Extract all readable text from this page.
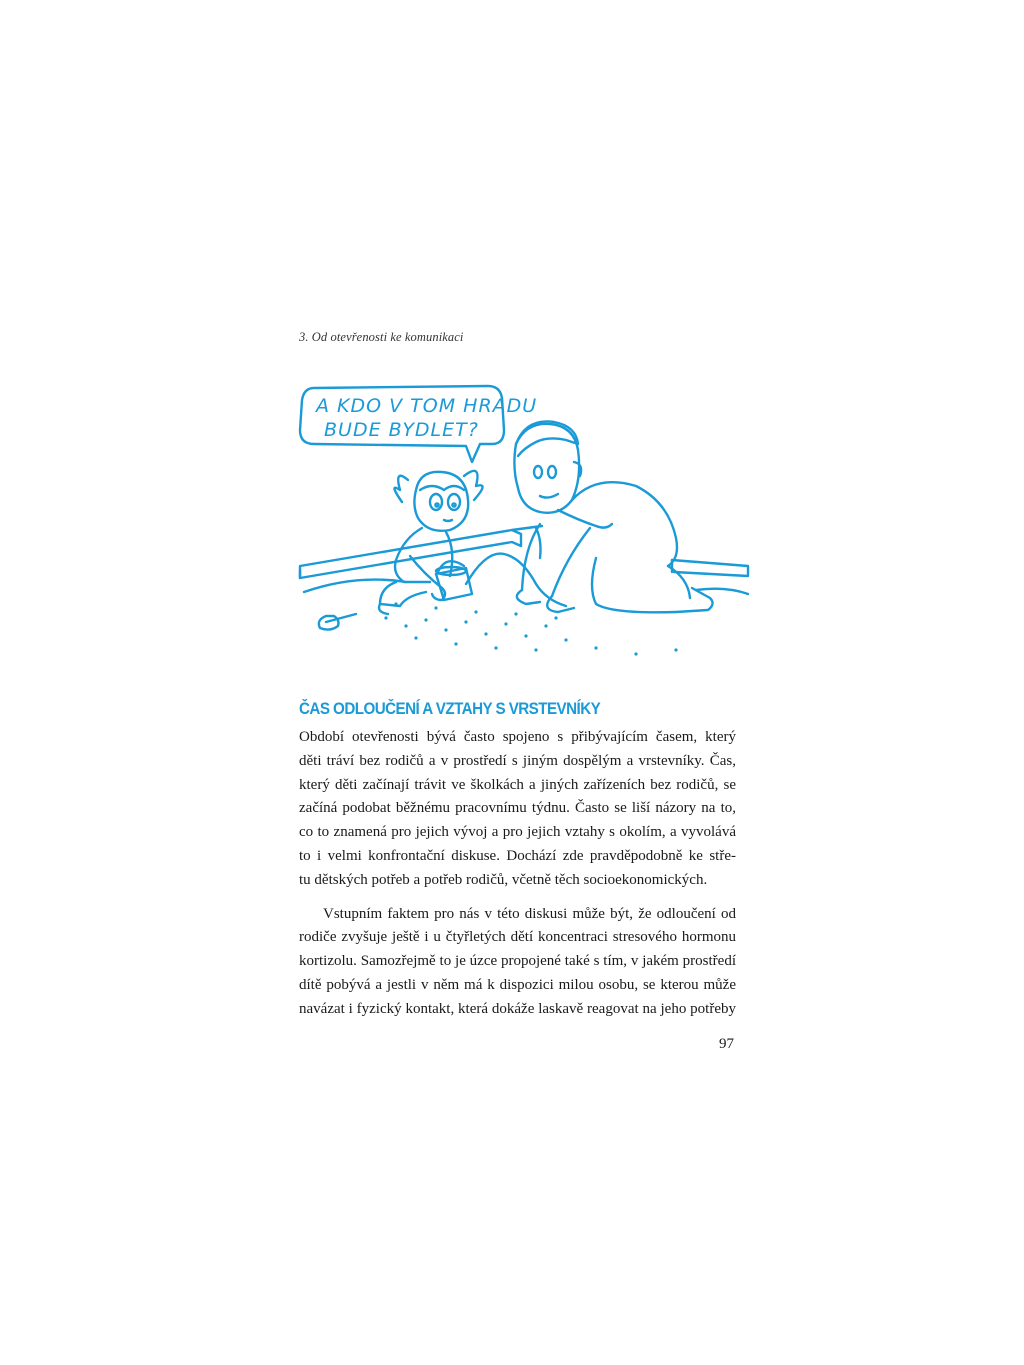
3. Od otevřenosti ke komunikaci
A KDO V TOM HRADU
BUDE BYDLET?
ČAS ODLOUČENÍ A VZTAHY S VRSTEVNÍKY

Období otevřenosti bývá často spojeno s přibývajícím časem, který

děti tráví bez rodičů a v prostředí s jiným dospělým a vrstevníky. Čas,

který děti začínají trávit ve školkách a jiných zařízeních bez rodičů, se

začíná podobat běžnému pracovnímu týdnu. Často se liší názory na to,

co to znamená pro jejich vývoj a pro jejich vztahy s okolím, a vyvolává

to i velmi konfrontační diskuse. Dochází zde pravděpodobně ke stře-

tu dětských potřeb a potřeb rodičů, včetně těch socioekonomických.

Vstupním faktem pro nás v této diskusi může být, že odloučení od

rodiče zvyšuje ještě i u čtyřletých dětí koncentraci stresového hormonu

kortizolu. Samozřejmě to je úzce propojené také s tím, v jakém prostředí

dítě pobývá a jestli v něm má k dispozici milou osobu, se kterou může

navázat i fyzický kontakt, která dokáže laskavě reagovat na jeho potřeby

97
